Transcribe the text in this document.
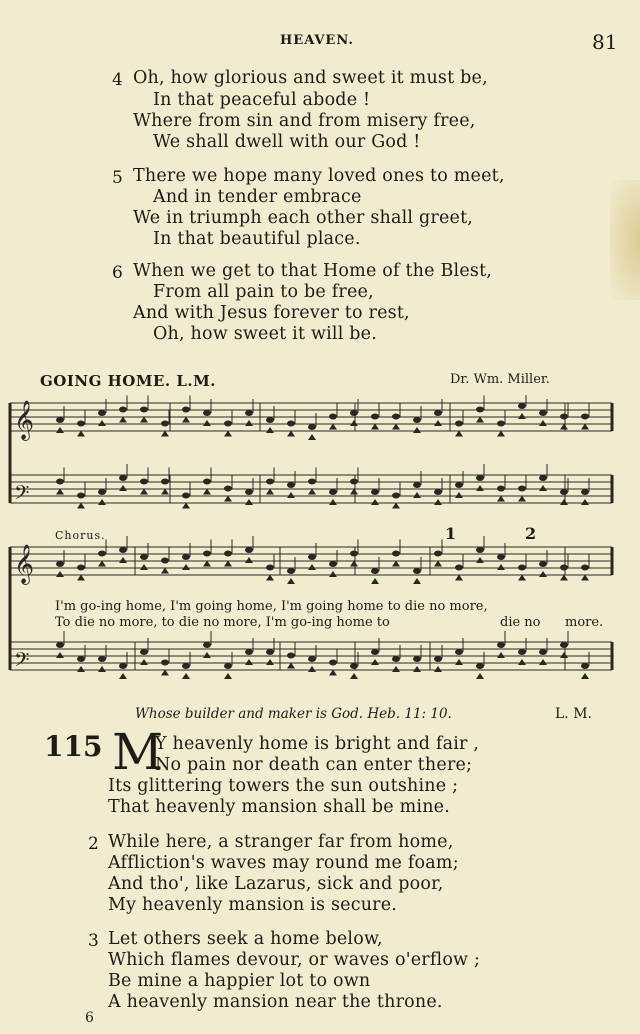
HEAVEN.	81
4 Oh, how glorious and sweet it must be,
In that peaceful abode !
Where from sin and from misery free,
We shall dwell with our God !
5 There we hope many loved ones to meet,
And in tender embrace
We in triumph each other shall greet,
In that beautiful place.
6 When we get to that Home of the Blest,
From all pain to be free,
And with Jesus forever to rest,
Oh, how sweet it will be.
GOING HOME. L.M.	Dr. Wm. Miller.
𝄞
𝄢
𝄞
𝄢
Chorus.	1	2
I'm go-ing home, I'm going home, I'm going home to die no more,
To die no more, to die no more, I'm go-ing home to	die no more.
Whose builder and maker is God. Heb. 11: 10.	L. M.
115 M
Y heavenly home is bright and fair ,
No pain nor death can enter there;
Its glittering towers the sun outshine ;
That heavenly mansion shall be mine.
2 While here, a stranger far from home,
Affliction's waves may round me foam;
And tho', like Lazarus, sick and poor,
My heavenly mansion is secure.
3 Let others seek a home below,
Which flames devour, or waves o'erflow ;
Be mine a happier lot to own
A heavenly mansion near the throne.
6
